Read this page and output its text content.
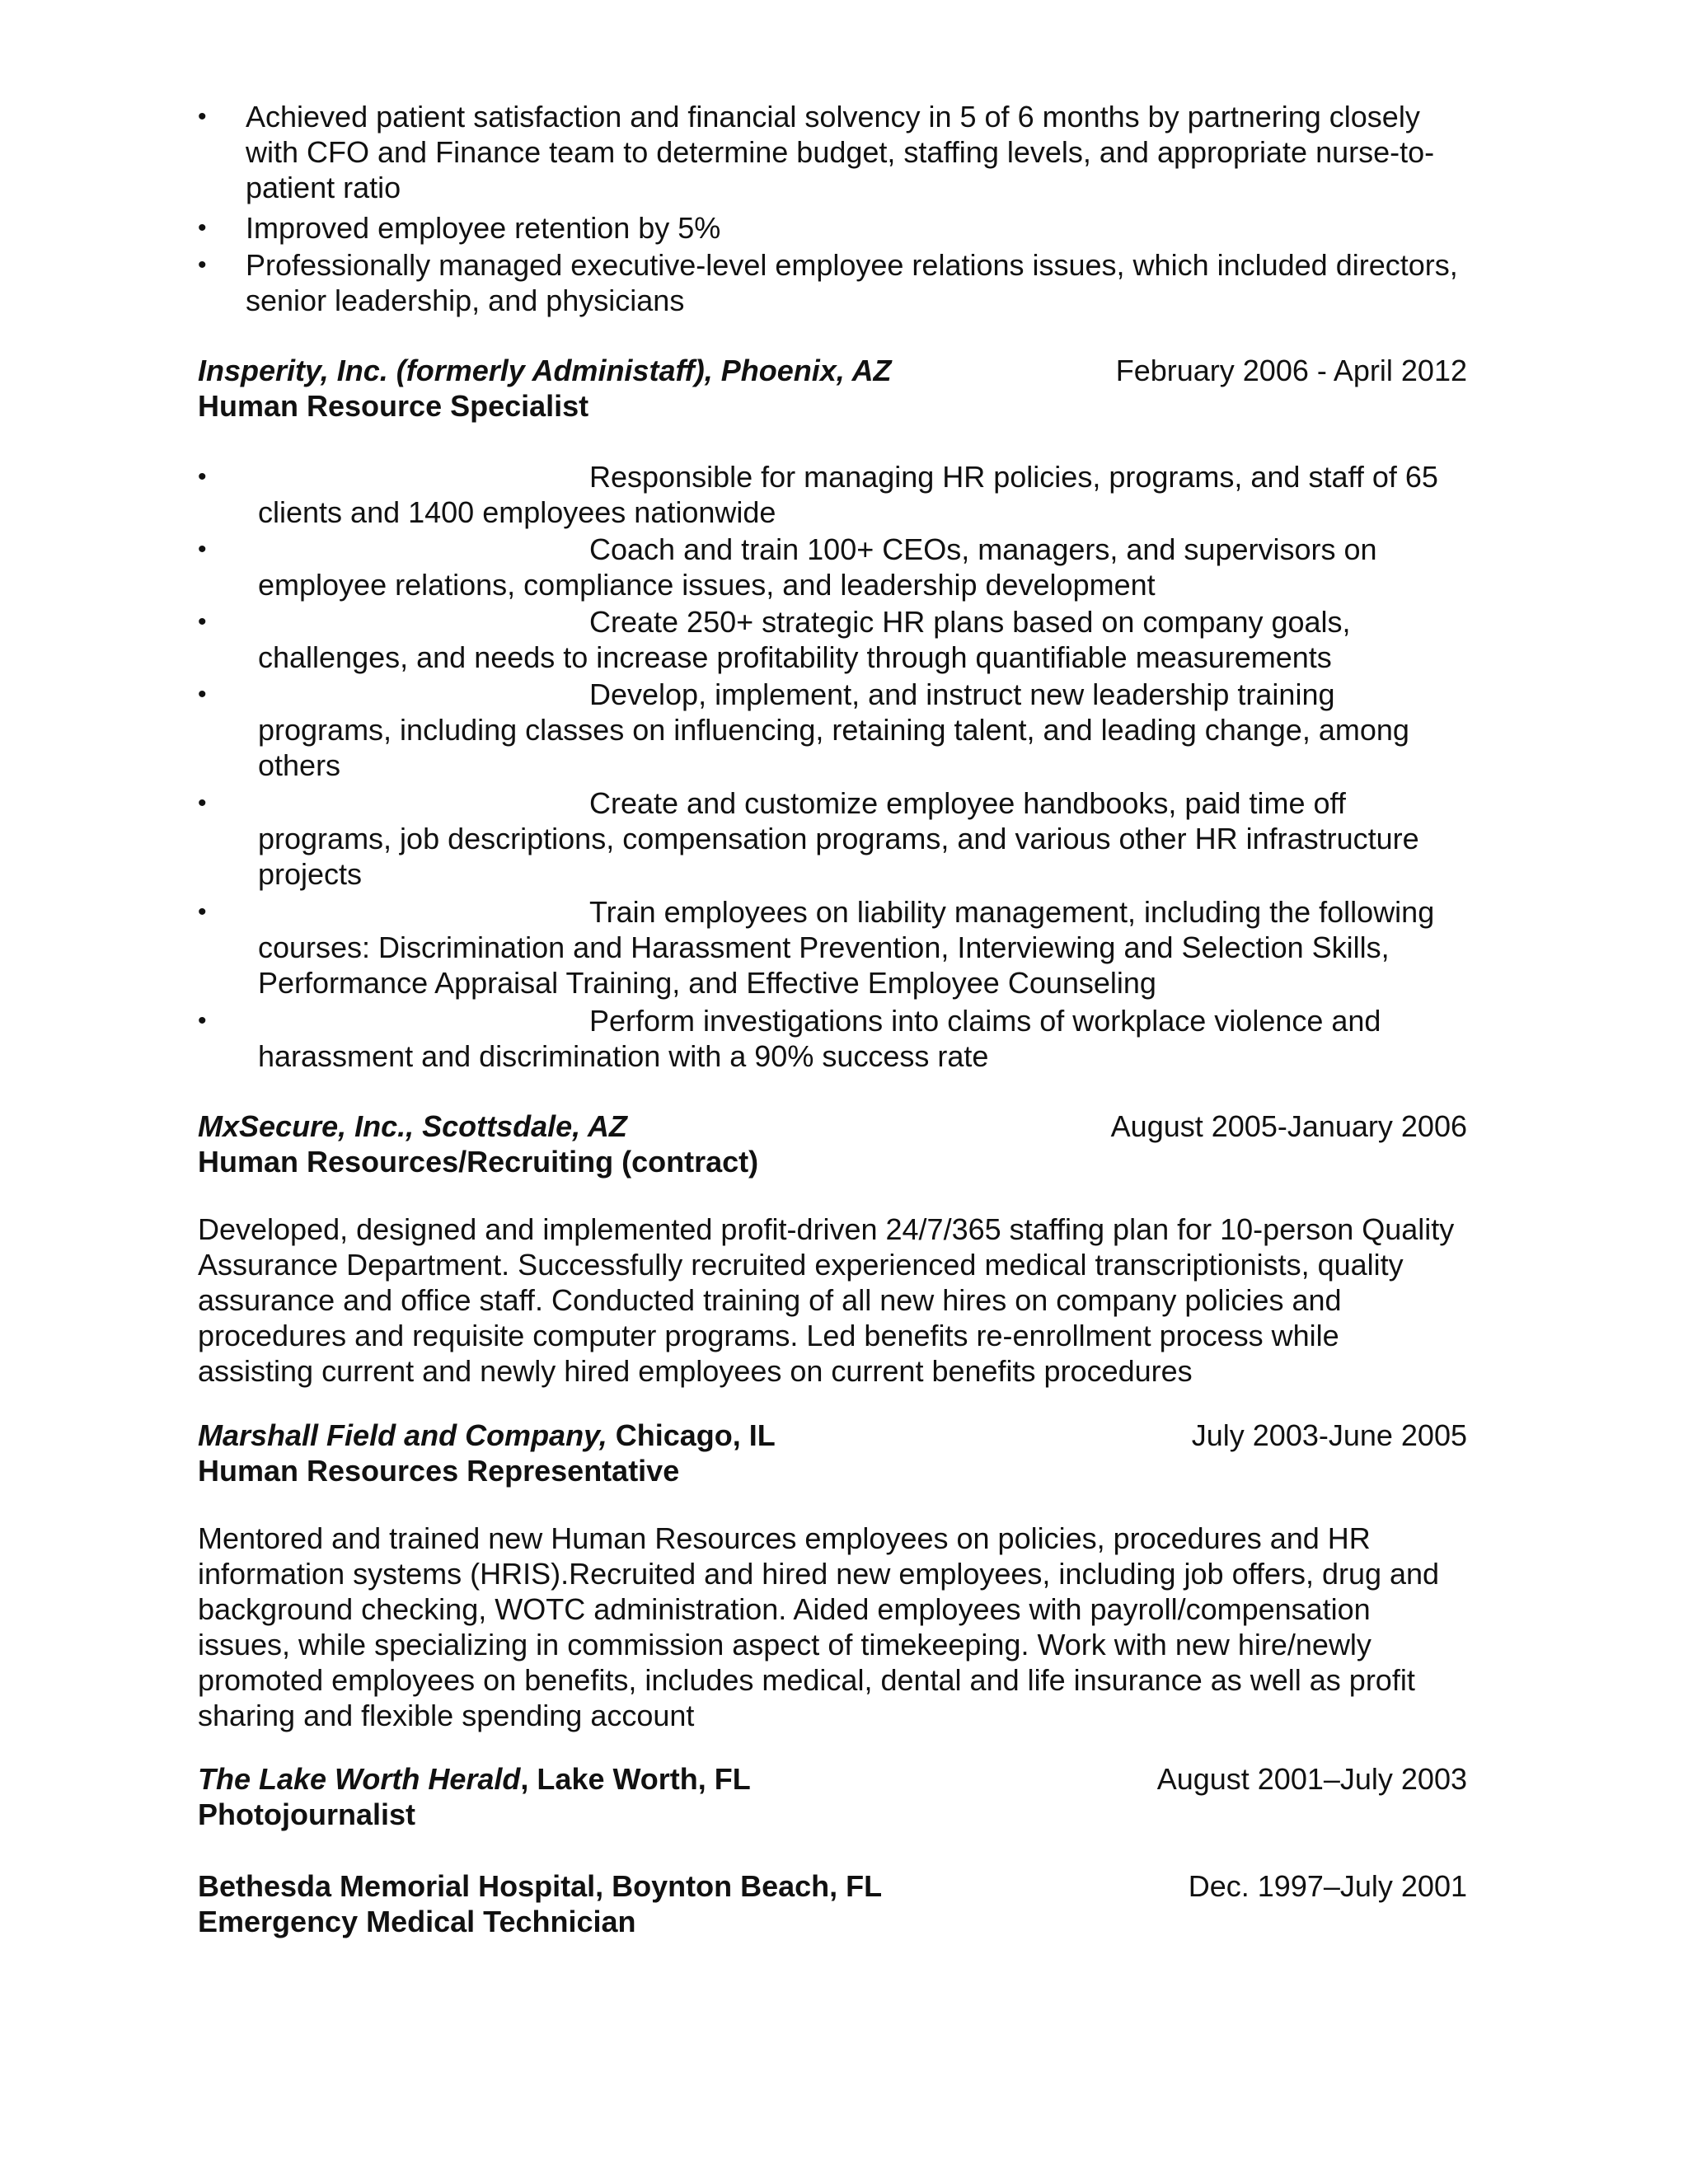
• Achieved patient satisfaction and financial solvency in 5 of 6 months by partnering closely
with CFO and Finance team to determine budget, staffing levels, and appropriate nurse-to-
patient ratio
• Improved employee retention by 5%
• Professionally managed executive-level employee relations issues, which included directors,
senior leadership, and physicians
Insperity, Inc. (formerly Administaff), Phoenix, AZ	February 2006 - April 2012
Human Resource Specialist
•	Responsible for managing HR policies, programs, and staff of 65
clients and 1400 employees nationwide
•	Coach and train 100+ CEOs, managers, and supervisors on
employee relations, compliance issues, and leadership development
•	Create 250+ strategic HR plans based on company goals,
challenges, and needs to increase profitability through quantifiable measurements
•	Develop, implement, and instruct new leadership training
programs, including classes on influencing, retaining talent, and leading change, among
others
•	Create and customize employee handbooks, paid time off
programs, job descriptions, compensation programs, and various other HR infrastructure
projects
•	Train employees on liability management, including the following
courses: Discrimination and Harassment Prevention, Interviewing and Selection Skills,
Performance Appraisal Training, and Effective Employee Counseling
•	Perform investigations into claims of workplace violence and
harassment and discrimination with a 90% success rate
MxSecure, Inc., Scottsdale, AZ	August 2005-January 2006
Human Resources/Recruiting (contract)
Developed, designed and implemented profit-driven 24/7/365 staffing plan for 10-person Quality
Assurance Department. Successfully recruited experienced medical transcriptionists, quality
assurance and office staff. Conducted training of all new hires on company policies and
procedures and requisite computer programs. Led benefits re-enrollment process while
assisting current and newly hired employees on current benefits procedures
Marshall Field and Company, Chicago, IL	July 2003-June 2005
Human Resources Representative
Mentored and trained new Human Resources employees on policies, procedures and HR
information systems (HRIS).Recruited and hired new employees, including job offers, drug and
background checking, WOTC administration. Aided employees with payroll/compensation
issues, while specializing in commission aspect of timekeeping. Work with new hire/newly
promoted employees on benefits, includes medical, dental and life insurance as well as profit
sharing and flexible spending account
The Lake Worth Herald, Lake Worth, FL	August 2001–July 2003
Photojournalist
Bethesda Memorial Hospital, Boynton Beach, FL	Dec. 1997–July 2001
Emergency Medical Technician
